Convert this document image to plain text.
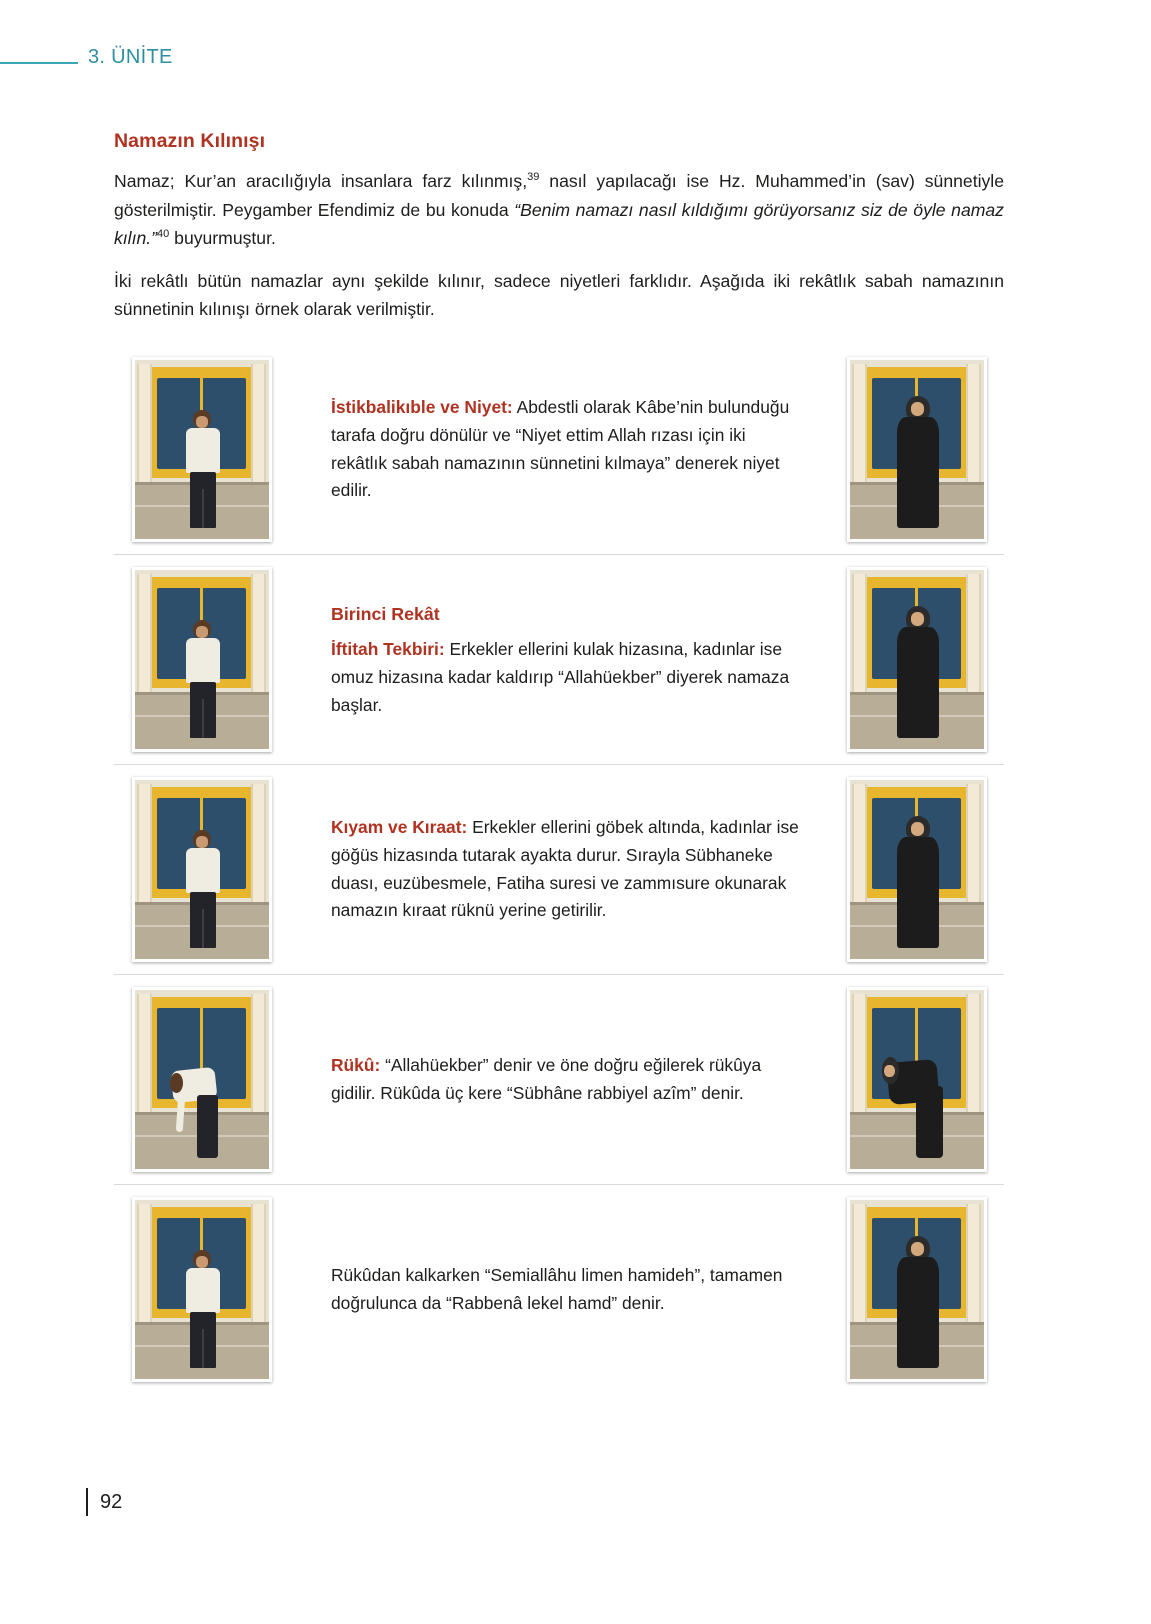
3. ÜNİTE
Namazın Kılınışı

Namaz; Kur’an aracılığıyla insanlara farz kılınmış,$^{39}$ nasıl yapılacağı ise Hz. Muhammed’in (sav) sünnetiyle gösterilmiştir. Peygamber Efendimiz de bu konuda “Benim namazı nasıl kıldığımı görüyorsanız siz de öyle namaz kılın.”$^{40}$ buyurmuştur.

İki rekâtlı bütün namazlar aynı şekilde kılınır, sadece niyetleri farklıdır. Aşağıda iki rekâtlık sabah namazının sünnetinin kılınışı örnek olarak verilmiştir.

İstikbalikıble ve Niyet: Abdestli olarak Kâbe’nin bulunduğu tarafa doğru dönülür ve “Niyet ettim Allah rızası için iki rekâtlık sabah namazının sünnetini kılmaya” denerek niyet edilir.

Birinci Rekât

İftitah Tekbiri: Erkekler ellerini kulak hizasına, kadınlar ise omuz hizasına kadar kaldırıp “Allahüekber” diyerek namaza başlar.

Kıyam ve Kıraat: Erkekler ellerini göbek altında, kadınlar ise göğüs hizasında tutarak ayakta durur. Sırayla Sübhaneke duası, euzübesmele, Fatiha suresi ve zammısure okunarak namazın kıraat rüknü yerine getirilir.

Rükû: “Allahüekber” denir ve öne doğru eğilerek rükûya gidilir. Rükûda üç kere “Sübhâne rabbiyel azîm” denir.

Rükûdan kalkarken “Semiallâhu limen hamideh”, tamamen doğrulunca da “Rabbenâ lekel hamd” denir.

92
